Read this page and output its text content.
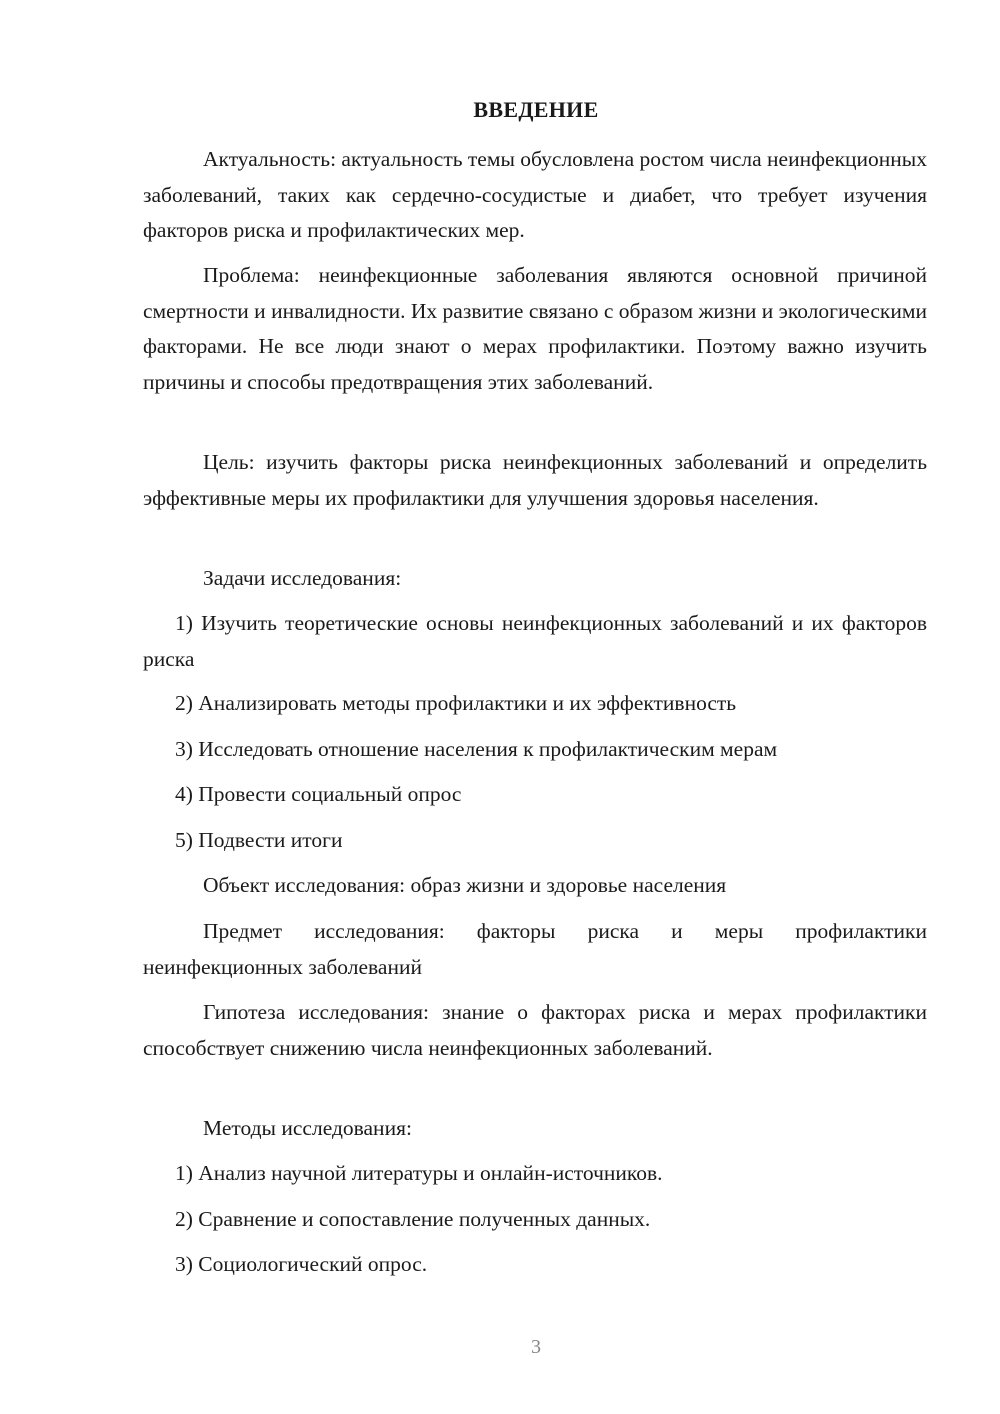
ВВЕДЕНИЕ

Актуальность: актуальность темы обусловлена ростом числа неинфекционных заболеваний, таких как сердечно-сосудистые и диабет, что требует изучения факторов риска и профилактических мер.

Проблема: неинфекционные заболевания являются основной причиной смертности и инвалидности. Их развитие связано с образом жизни и экологическими факторами. Не все люди знают о мерах профилактики. Поэтому важно изучить причины и способы предотвращения этих заболеваний.

Цель: изучить факторы риска неинфекционных заболеваний и определить эффективные меры их профилактики для улучшения здоровья населения.

Задачи исследования:

1) Изучить теоретические основы неинфекционных заболеваний и их факторов риска

2) Анализировать методы профилактики и их эффективность

3) Исследовать отношение населения к профилактическим мерам

4) Провести социальный опрос

5) Подвести итоги

Объект исследования: образ жизни и здоровье населения

Предмет исследования: факторы риска и меры профилактики неинфекционных заболеваний

Гипотеза исследования: знание о факторах риска и мерах профилактики способствует снижению числа неинфекционных заболеваний.

Методы исследования:

1) Анализ научной литературы и онлайн-источников.

2) Сравнение и сопоставление полученных данных.

3) Социологический опрос.

3
